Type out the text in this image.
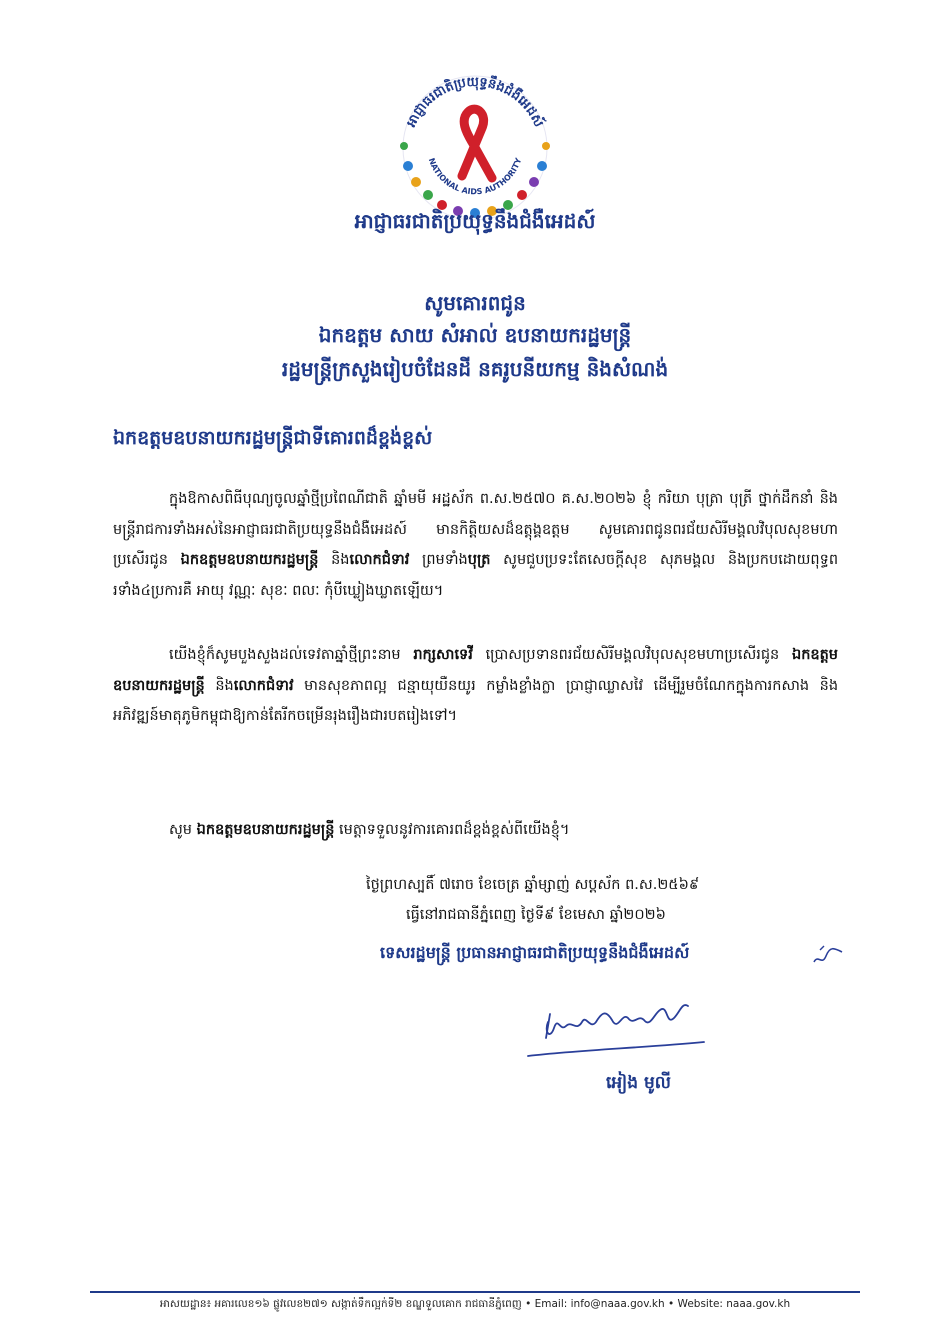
អាជ្ញាធរជាតិប្រយុទ្ធនឹងជំងឺអេដស៍
NATIONAL AIDS AUTHORITY
អាជ្ញាធរជាតិប្រយុទ្ធនឹងជំងឺអេដស៍
សូមគោរពជូន
ឯកឧត្តម សាយ សំអាល់ ឧបនាយករដ្ឋមន្ត្រី
រដ្ឋមន្ត្រីក្រសួងរៀបចំដែនដី នគរូបនីយកម្ម និងសំណង់
ឯកឧត្តមឧបនាយករដ្ឋមន្ត្រីជាទីគោរពដ៏ខ្ពង់ខ្ពស់

ក្នុងឱកាសពិធីបុណ្យចូលឆ្នាំថ្មីប្រពៃណីជាតិ ឆ្នាំមមី អដ្ឋស័ក ព.ស.២៥៧០ គ.ស.២០២៦ ខ្ញុំ ករិយា បុត្រា បុត្រី ថ្នាក់ដឹកនាំ និងមន្ត្រីរាជការទាំងអស់នៃអាជ្ញាធរជាតិប្រយុទ្ធនឹងជំងឺអេដស៍ មានកិត្តិយសដ៏ឧត្តុង្គឧត្តម សូមគោរពជូនពរជ័យសិរីមង្គលវិបុលសុខមហាប្រសើរជូន ឯកឧត្តមឧបនាយករដ្ឋមន្ត្រី និងលោកជំទាវ ព្រមទាំងបុត្រ សូមជួបប្រទះតែសេចក្តីសុខ សុភមង្គល និងប្រកបដោយពុទ្ធពរទាំង៤ប្រការគឺ អាយុ វណ្ណៈ សុខៈ ពលៈ កុំបីឃ្លៀងឃ្លាតឡើយ។

យើងខ្ញុំក៏សូមបួងសួងដល់ទេវតាឆ្នាំថ្មីព្រះនាម រាក្សសាទេវី ប្រោសប្រទានពរជ័យសិរីមង្គលវិបុលសុខមហាប្រសើរជូន ឯកឧត្តមឧបនាយករដ្ឋមន្ត្រី និងលោកជំទាវ មានសុខភាពល្អ ជន្មាយុយឺនយូរ កម្លាំងខ្លាំងក្លា ប្រាជ្ញាឈ្លាសវៃ ដើម្បីរួមចំណែកក្នុងការកសាង និងអភិវឌ្ឍន៍មាតុភូមិកម្ពុជាឱ្យកាន់តែរីកចម្រើនរុងរឿងជារបតរៀងទៅ។

សូម ឯកឧត្តមឧបនាយករដ្ឋមន្ត្រី មេត្តាទទួលនូវការគោរពដ៏ខ្ពង់ខ្ពស់ពីយើងខ្ញុំ។

ថ្ងៃព្រហស្បតិ៍ ៧រោច ខែចេត្រ ឆ្នាំម្សាញ់ សប្តស័ក ព.ស.២៥៦៩
ធ្វើនៅរាជធានីភ្នំពេញ ថ្ងៃទី៩ ខែមេសា ឆ្នាំ២០២៦
ទេសរដ្ឋមន្ត្រី ប្រធានអាជ្ញាធរជាតិប្រយុទ្ធនឹងជំងឺអេដស៍
អៀង មូលី
អាសយដ្ឋាន៖ អគារលេខ១៦ ផ្លូវលេខ២៧១ សង្កាត់ទឹកល្អក់ទី២ ខណ្ឌទួលគោក រាជធានីភ្នំពេញ • Email: info@naaa.gov.kh • Website: naaa.gov.kh
